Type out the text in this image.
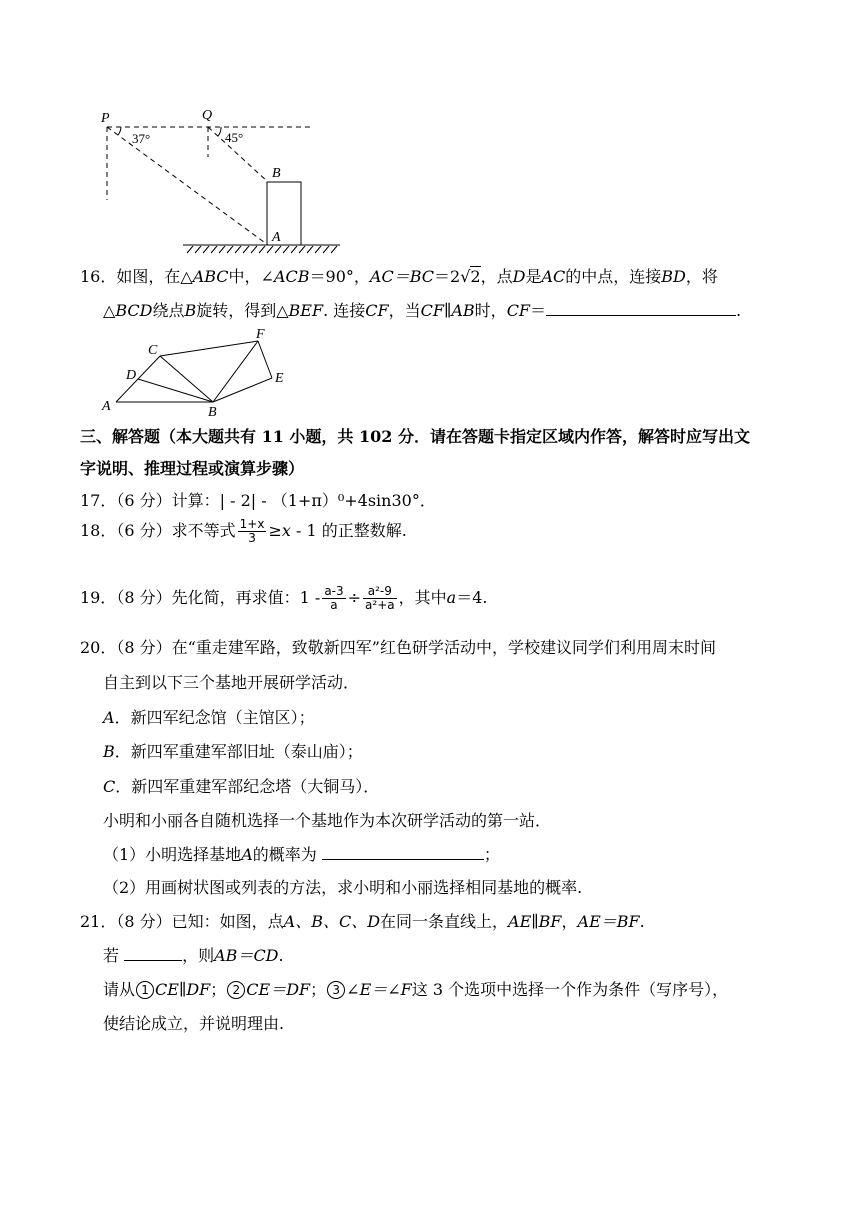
P	Q
B
A
37°	45°
16．如图，在△ABC中，∠ACB＝90°，AC＝BC＝2√2，点D是AC的中点，连接BD，将
△BCD绕点B旋转，得到△BEF. 连接CF，当CF∥AB时，CF＝	.
C
F
D	E
A	B
三、解答题（本大题共有 11 小题，共 102 分．请在答题卡指定区域内作答，解答时应写出文
字说明、推理过程或演算步骤）
17．（6 分）计算：| - 2| - （1+π）⁰+4sin30°．
18．（6 分）求不等式 $\frac{1+x}{3} \ge x - 1$ 的正整数解.
19．（8 分）先化简，再求值：$1 - \frac{a-3}{a} \div \frac{\text{a²-9}}{\text{a²+a}}$ ，其中a＝4.
20．（8 分）在“重走建军路，致敬新四军”红色研学活动中，学校建议同学们利用周末时间
自主到以下三个基地开展研学活动．
A．新四军纪念馆（主馆区）；
B．新四军重建军部旧址（泰山庙）；
C．新四军重建军部纪念塔（大铜马）．
小明和小丽各自随机选择一个基地作为本次研学活动的第一站．
（1）小明选择基地A的概率为	；
（2）用画树状图或列表的方法，求小明和小丽选择相同基地的概率.
21．（8 分）已知：如图，点A、B、C、D在同一条直线上，AE∥BF，AE＝BF.
若	，则AB＝CD.
请从 1 CE∥DF； 2 CE＝DF； 3 ∠E＝∠F这 3 个选项中选择一个作为条件（写序号），
使结论成立，并说明理由.
